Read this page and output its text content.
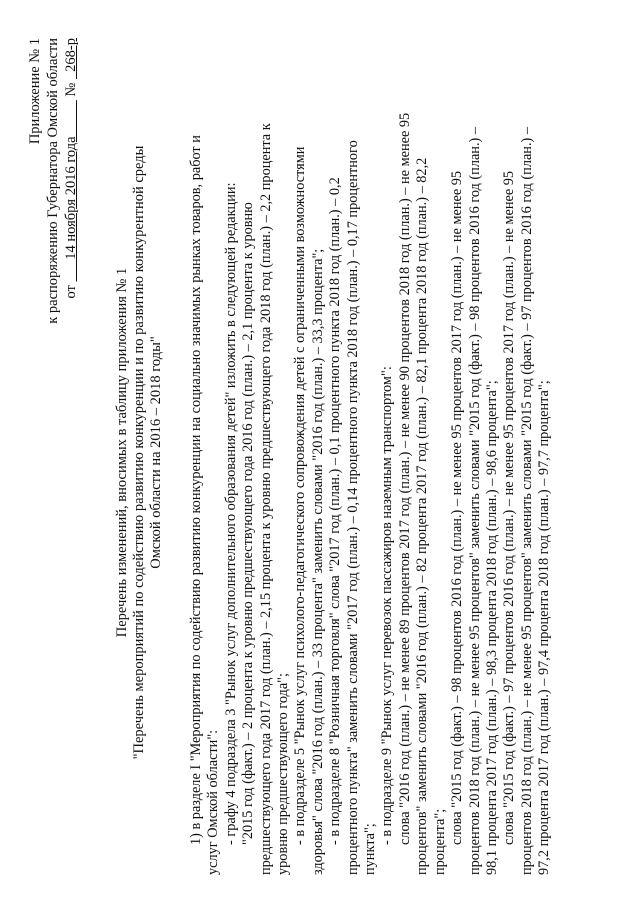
Приложение № 1 к распоряжению Губернатора Омской области от       14 ноября 2016 года           №   268-р
Перечень изменений, вносимых в таблицу приложения № 1 "Перечень мероприятий по содействию развитию конкуренции и по развитию конкурентной среды Омской области на 2016 – 2018 годы" 1) в разделе I "Мероприятия по содействию развитию конкуренции на социально значимых рынках товаров, работ и услуг Омской области": - графу 4 подраздела 3 "Рынок услуг дополнительного образования детей" изложить в следующей редакции: "2015 год (факт.) – 2 процента к уровню предшествующего года 2016 год (план.) – 2,1 процента к уровню предшествующего года 2017 год (план.) – 2,15 процента к уровню предшествующего года 2018 год (план.) – 2,2 процента к уровню предшествующего года"; - в подразделе 5 "Рынок услуг психолого-педагогического сопровождения детей с ограниченными возможностями здоровья" слова "2016 год (план.) – 33 процента" заменить словами "2016 год (план.) – 33,3 процента"; - в подразделе 8 "Розничная торговля" слова "2017 год (план.) – 0,1 процентного пункта 2018 год (план.) – 0,2 процентного пункта" заменить словами "2017 год (план.) – 0,14 процентного пункта 2018 год (план.) – 0,17 процентного пункта";

- в подразделе 9 "Рынок услуг перевозок пассажиров наземным транспортом": слова "2016 год (план.) – не менее 89 процентов 2017 год (план.) – не менее 90 процентов 2018 год (план.) – не менее 95 процентов" заменить словами "2016 год (план.) – 82 процента 2017 год (план.) – 82,1 процента 2018 год (план.) – 82,2 процента"; слова "2015 год (факт.) – 98 процентов 2016 год (план.) – не менее 95 процентов 2017 год (план.) – не менее 95 процентов 2018 год (план.) – не менее 95 процентов" заменить словами "2015 год (факт.) – 98 процентов 2016 год (план.) – 98,1 процента 2017 год (план.) – 98,3 процента 2018 год (план.) – 98,6 процента"; слова "2015 год (факт.) – 97 процентов 2016 год (план.) – не менее 95 процентов 2017 год (план.) – не менее 95 процентов 2018 год (план.) – не менее 95 процентов" заменить словами "2015 год (факт.) – 97 процентов 2016 год (план.) – 97,2 процента 2017 год (план.) – 97,4 процента 2018 год (план.) – 97,7 процента";
